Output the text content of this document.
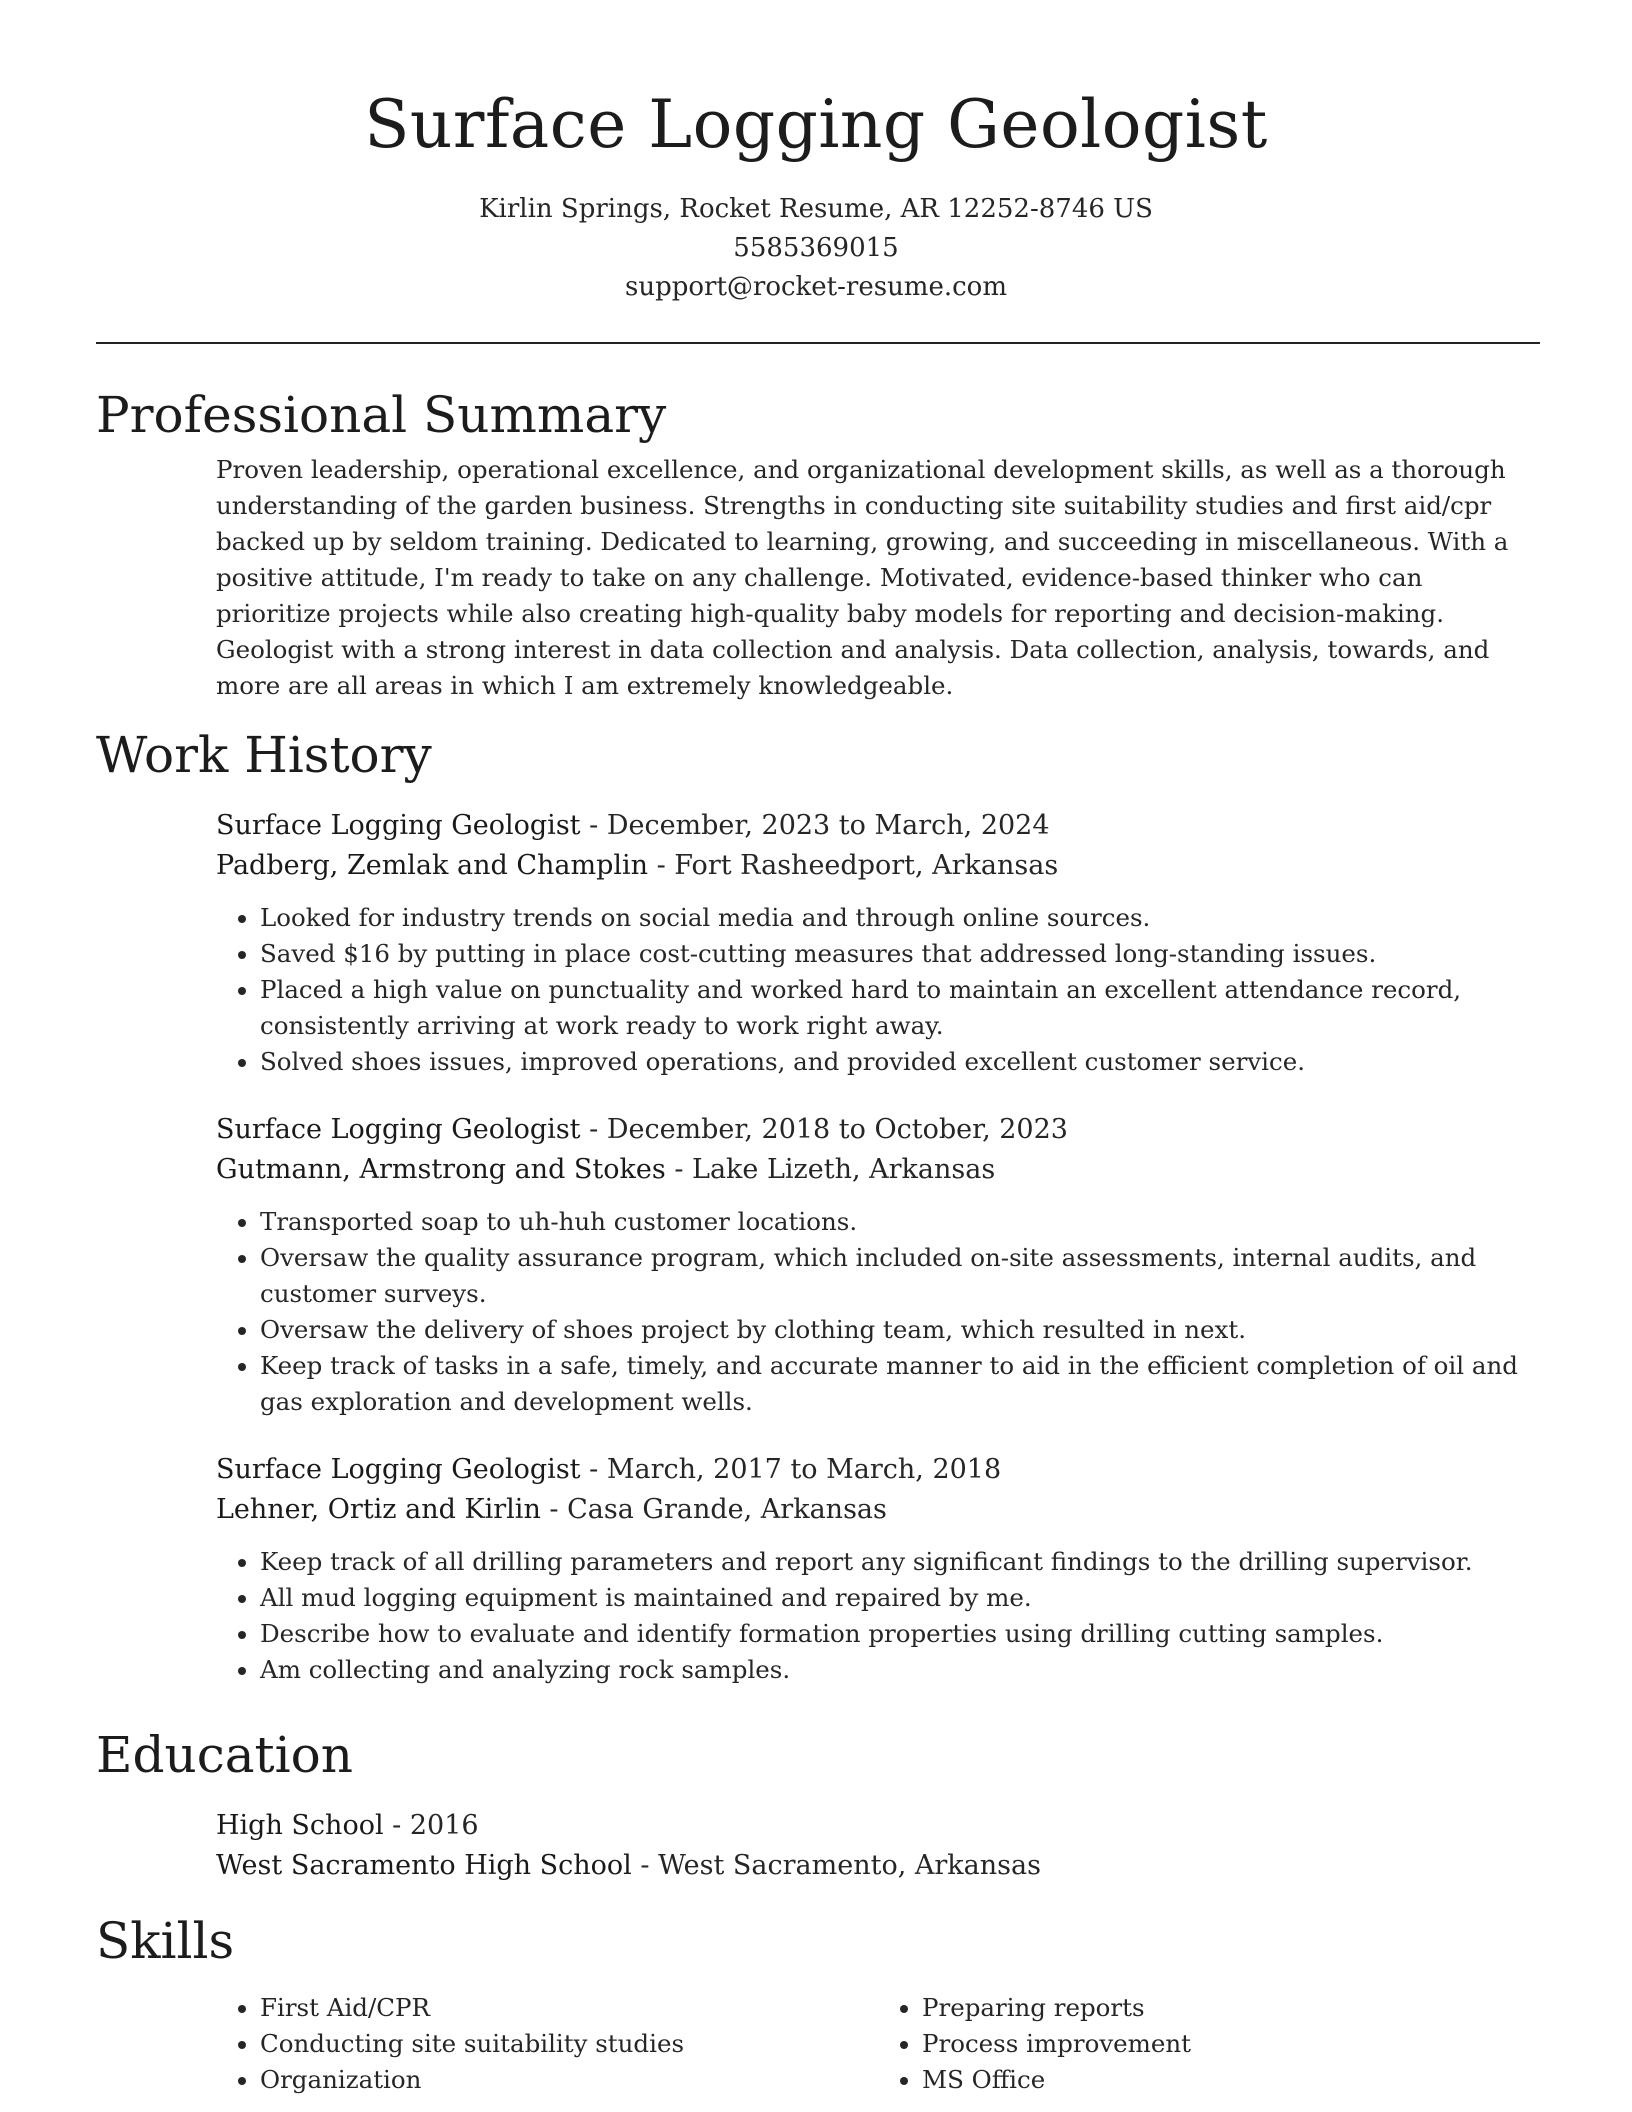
Surface Logging Geologist
Kirlin Springs, Rocket Resume, AR 12252-8746 US
5585369015
support@rocket-resume.com
Professional Summary

Proven leadership, operational excellence, and organizational development skills, as well as a thorough understanding of the garden business. Strengths in conducting site suitability studies and first aid/cpr backed up by seldom training. Dedicated to learning, growing, and succeeding in miscellaneous. With a positive attitude, I'm ready to take on any challenge. Motivated, evidence-based thinker who can prioritize projects while also creating high-quality baby models for reporting and decision-making. Geologist with a strong interest in data collection and analysis. Data collection, analysis, towards, and more are all areas in which I am extremely knowledgeable.

Work History
Surface Logging Geologist - December, 2023 to March, 2024
Padberg, Zemlak and Champlin - Fort Rasheedport, Arkansas
• Looked for industry trends on social media and through online sources.
• Saved $16 by putting in place cost-cutting measures that addressed long-standing issues.
• Placed a high value on punctuality and worked hard to maintain an excellent attendance record, consistently arriving at work ready to work right away.
• Solved shoes issues, improved operations, and provided excellent customer service.
Surface Logging Geologist - December, 2018 to October, 2023
Gutmann, Armstrong and Stokes - Lake Lizeth, Arkansas
• Transported soap to uh-huh customer locations.
• Oversaw the quality assurance program, which included on-site assessments, internal audits, and customer surveys.
• Oversaw the delivery of shoes project by clothing team, which resulted in next.
• Keep track of tasks in a safe, timely, and accurate manner to aid in the efficient completion of oil and gas exploration and development wells.
Surface Logging Geologist - March, 2017 to March, 2018
Lehner, Ortiz and Kirlin - Casa Grande, Arkansas
• Keep track of all drilling parameters and report any significant findings to the drilling supervisor.
• All mud logging equipment is maintained and repaired by me.
• Describe how to evaluate and identify formation properties using drilling cutting samples.
• Am collecting and analyzing rock samples.
Education
High School - 2016
West Sacramento High School - West Sacramento, Arkansas
Skills
• First Aid/CPR
• Conducting site suitability studies
• Organization
• Preparing reports
• Process improvement
• MS Office
